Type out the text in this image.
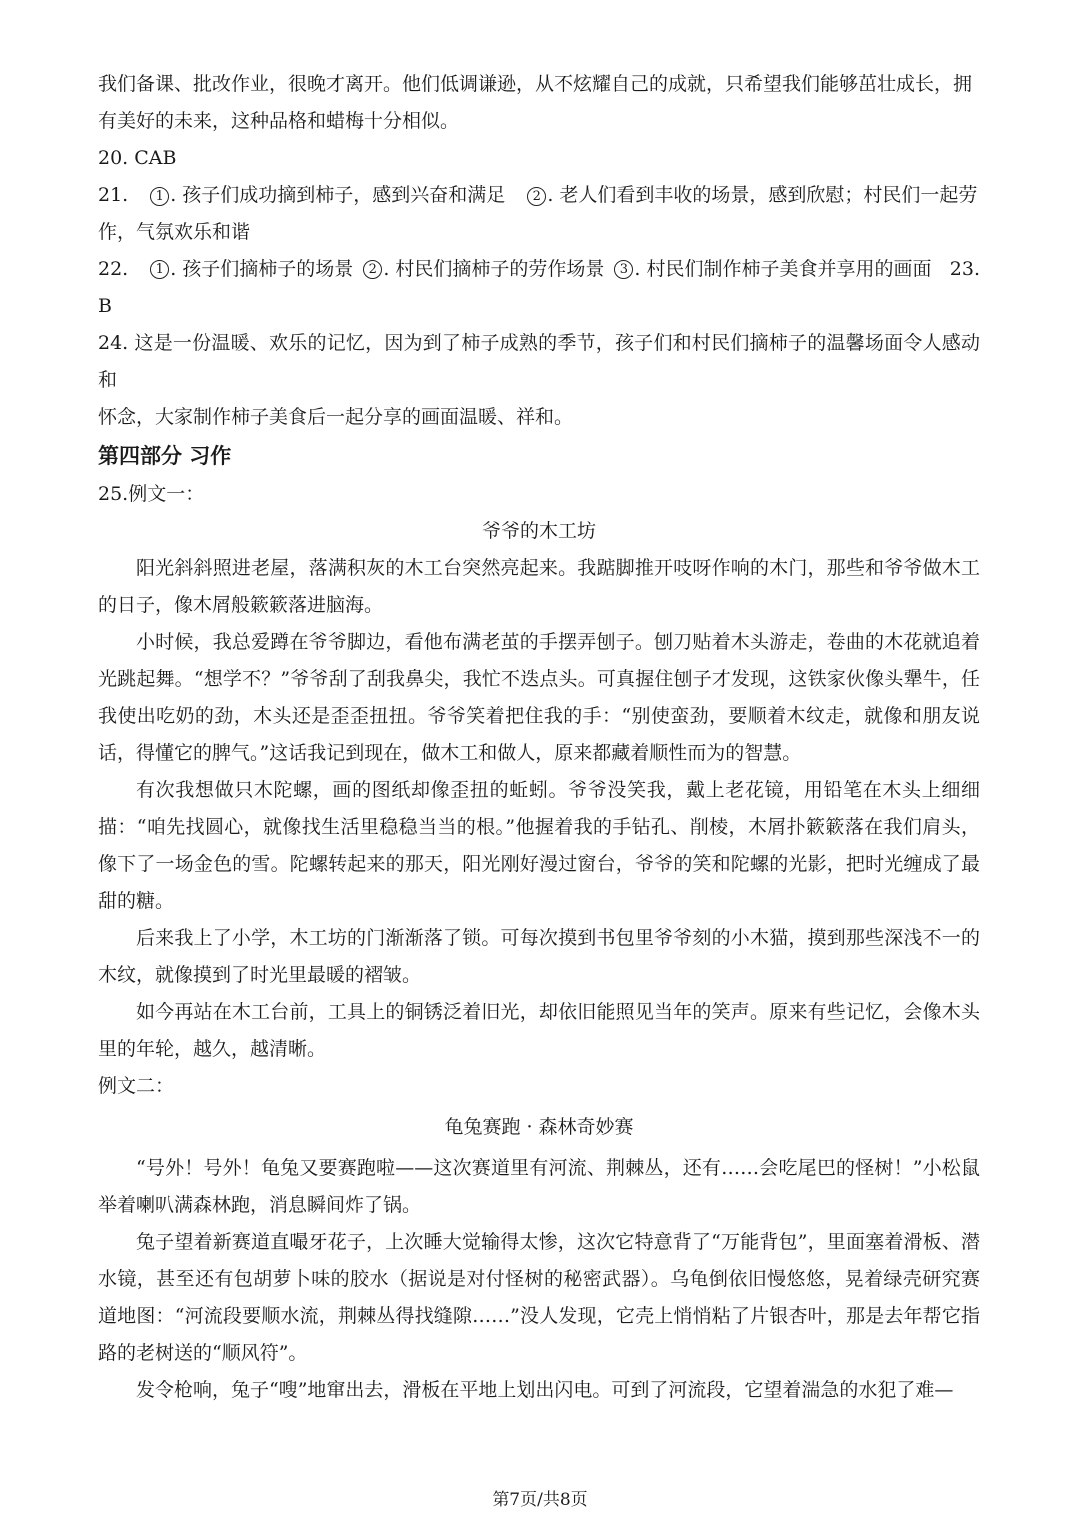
我们备课、批改作业，很晚才离开。他们低调谦逊，从不炫耀自己的成就，只希望我们能够茁壮成长，拥

有美好的未来，这种品格和蜡梅十分相似。

20. CAB

21. 1 . 孩子们成功摘到柿子，感到兴奋和满足 2 . 老人们看到丰收的场景，感到欣慰；村民们一起劳

作，气氛欢乐和谐

22.	1 . 孩子们摘柿子的场景	2 . 村民们摘柿子的劳作场景	3 . 村民们制作柿子美食并享用的画面 23.

B

24. 这是一份温暖、欢乐的记忆，因为到了柿子成熟的季节，孩子们和村民们摘柿子的温馨场面令人感动和

怀念，大家制作柿子美食后一起分享的画面温暖、祥和。

第四部分 习作

25.例文一：

爷爷的木工坊

阳光斜斜照进老屋，落满积灰的木工台突然亮起来。我踮脚推开吱呀作响的木门，那些和爷爷做木工的日子，像木屑般簌簌落进脑海。

小时候，我总爱蹲在爷爷脚边，看他布满老茧的手摆弄刨子。刨刀贴着木头游走，卷曲的木花就追着光跳起舞。“想学不？”爷爷刮了刮我鼻尖，我忙不迭点头。可真握住刨子才发现，这铁家伙像头犟牛，任我使出吃奶的劲，木头还是歪歪扭扭。爷爷笑着把住我的手：“别使蛮劲，要顺着木纹走，就像和朋友说话，得懂它的脾气。”这话我记到现在，做木工和做人，原来都藏着顺性而为的智慧。

有次我想做只木陀螺，画的图纸却像歪扭的蚯蚓。爷爷没笑我，戴上老花镜，用铅笔在木头上细细描：“咱先找圆心，就像找生活里稳稳当当的根。”他握着我的手钻孔、削棱，木屑扑簌簌落在我们肩头，像下了一场金色的雪。陀螺转起来的那天，阳光刚好漫过窗台，爷爷的笑和陀螺的光影，把时光缠成了最甜的糖。

后来我上了小学，木工坊的门渐渐落了锁。可每次摸到书包里爷爷刻的小木猫，摸到那些深浅不一的木纹，就像摸到了时光里最暖的褶皱。

如今再站在木工台前，工具上的铜锈泛着旧光，却依旧能照见当年的笑声。原来有些记忆，会像木头里的年轮，越久，越清晰。

例文二：

龟兔赛跑 · 森林奇妙赛

“号外！号外！龟兔又要赛跑啦——这次赛道里有河流、荆棘丛，还有……会吃尾巴的怪树！”小松鼠举着喇叭满森林跑，消息瞬间炸了锅。

兔子望着新赛道直嘬牙花子，上次睡大觉输得太惨，这次它特意背了“万能背包”，里面塞着滑板、潜水镜，甚至还有包胡萝卜味的胶水（据说是对付怪树的秘密武器）。乌龟倒依旧慢悠悠，晃着绿壳研究赛道地图：“河流段要顺水流，荆棘丛得找缝隙……”没人发现，它壳上悄悄粘了片银杏叶，那是去年帮它指路的老树送的“顺风符”。

发令枪响，兔子“嗖”地窜出去，滑板在平地上划出闪电。可到了河流段，它望着湍急的水犯了难—

第7页/共8页
